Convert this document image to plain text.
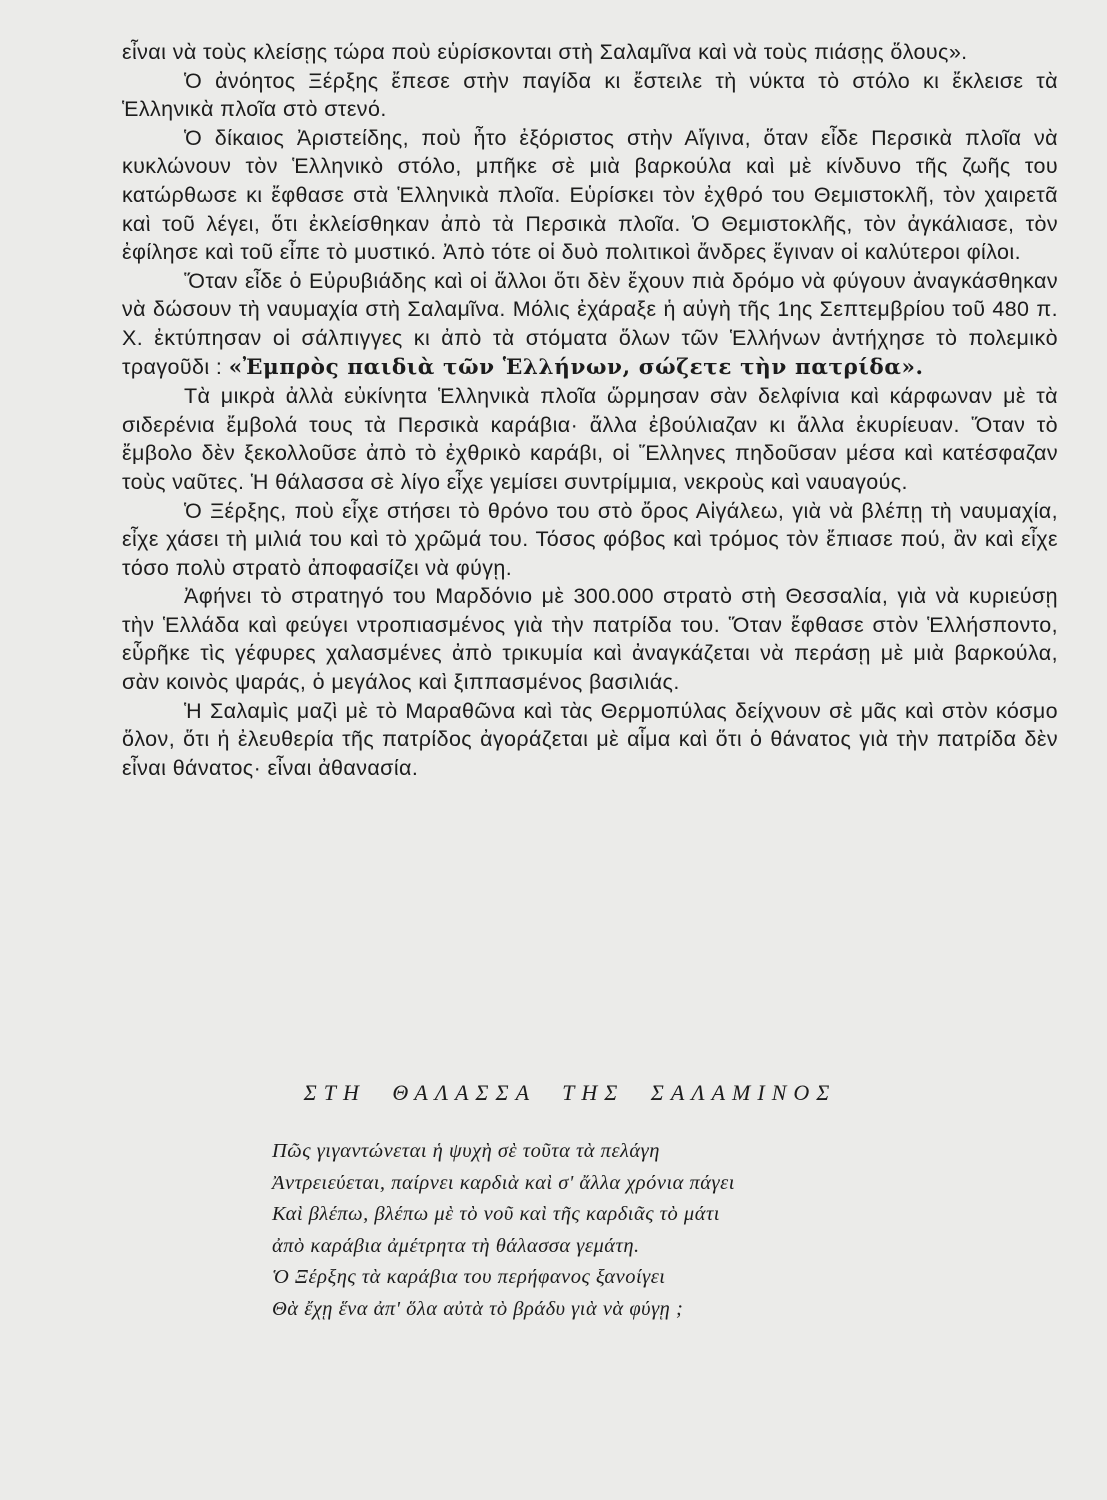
εἶναι νὰ τοὺς κλείσῃς τώρα ποὺ εὑρίσκονται στὴ Σαλαμῖνα καὶ νὰ τοὺς πιάσῃς ὅλους».

Ὁ ἀνόητος Ξέρξης ἔπεσε στὴν παγίδα κι ἔστειλε τὴ νύκτα τὸ στόλο κι ἔκλεισε τὰ Ἑλληνικὰ πλοῖα στὸ στενό.

Ὁ δίκαιος Ἀριστείδης, ποὺ ἦτο ἐξόριστος στὴν Αἴγινα, ὅταν εἶδε Περσικὰ πλοῖα νὰ κυκλώνουν τὸν Ἑλληνικὸ στόλο, μπῆκε σὲ μιὰ βαρκούλα καὶ μὲ κίνδυνο τῆς ζωῆς του κατώρθωσε κι ἔφθασε στὰ Ἑλληνικὰ πλοῖα. Εὑρίσκει τὸν ἐχθρό του Θεμιστοκλῆ, τὸν χαιρετᾶ καὶ τοῦ λέγει, ὅτι ἐκλείσθηκαν ἀπὸ τὰ Περσικὰ πλοῖα. Ὁ Θεμιστοκλῆς, τὸν ἀγκάλιασε, τὸν ἐφίλησε καὶ τοῦ εἶπε τὸ μυστικό. Ἀπὸ τότε οἱ δυὸ πολιτικοὶ ἄνδρες ἔγιναν οἱ καλύτεροι φίλοι.

Ὅταν εἶδε ὁ Εὐρυβιάδης καὶ οἱ ἄλλοι ὅτι δὲν ἔχουν πιὰ δρόμο νὰ φύγουν ἀναγκάσθηκαν νὰ δώσουν τὴ ναυμαχία στὴ Σαλαμῖνα. Μόλις ἐχάραξε ἡ αὐγὴ τῆς 1ης Σεπτεμβρίου τοῦ 480 π. Χ. ἐκτύπησαν οἱ σάλπιγγες κι ἀπὸ τὰ στόματα ὅλων τῶν Ἑλλήνων ἀντήχησε τὸ πολεμικὸ τραγοῦδι : «Ἐμπρὸς παιδιὰ τῶν Ἑλλήνων, σώζετε τὴν πατρίδα».

Τὰ μικρὰ ἀλλὰ εὐκίνητα Ἑλληνικὰ πλοῖα ὥρμησαν σὰν δελφίνια καὶ κάρφωναν μὲ τὰ σιδερένια ἔμβολά τους τὰ Περσικὰ καράβια· ἄλλα ἐβούλιαζαν κι ἄλλα ἐκυρίευαν. Ὅταν τὸ ἔμβολο δὲν ξεκολλοῦσε ἀπὸ τὸ ἐχθρικὸ καράβι, οἱ Ἕλληνες πηδοῦσαν μέσα καὶ κατέσφαζαν τοὺς ναῦτες. Ἡ θάλασσα σὲ λίγο εἶχε γεμίσει συντρίμμια, νεκροὺς καὶ ναυαγούς.

Ὁ Ξέρξης, ποὺ εἶχε στήσει τὸ θρόνο του στὸ ὄρος Αἰγάλεω, γιὰ νὰ βλέπῃ τὴ ναυμαχία, εἶχε χάσει τὴ μιλιά του καὶ τὸ χρῶμά του. Τόσος φόβος καὶ τρόμος τὸν ἔπιασε πού, ἂν καὶ εἶχε τόσο πολὺ στρατὸ ἀποφασίζει νὰ φύγῃ.

Ἀφήνει τὸ στρατηγό του Μαρδόνιο μὲ 300.000 στρατὸ στὴ Θεσσαλία, γιὰ νὰ κυριεύσῃ τὴν Ἑλλάδα καὶ φεύγει ντροπιασμένος γιὰ τὴν πατρίδα του. Ὅταν ἔφθασε στὸν Ἑλλήσποντο, εὗρῆκε τὶς γέφυρες χαλασμένες ἀπὸ τρικυμία καὶ ἀναγκάζεται νὰ περάσῃ μὲ μιὰ βαρκούλα, σὰν κοινὸς ψαράς, ὁ μεγάλος καὶ ξιππασμένος βασιλιάς.

Ἡ Σαλαμὶς μαζὶ μὲ τὸ Μαραθῶνα καὶ τὰς Θερμοπύλας δείχνουν σὲ μᾶς καὶ στὸν κόσμο ὅλον, ὅτι ἡ ἐλευθερία τῆς πατρίδος ἀγοράζεται μὲ αἷμα καὶ ὅτι ὁ θάνατος γιὰ τὴν πατρίδα δὲν εἶναι θάνατος· εἶναι ἀθανασία.

ΣΤΗ ΘΑΛΑΣΣΑ ΤΗΣ ΣΑΛΑΜΙΝΟΣ
Πῶς γιγαντώνεται ἡ ψυχὴ σὲ τοῦτα τὰ πελάγη
Ἀντρειεύεται, παίρνει καρδιὰ καὶ σ' ἄλλα χρόνια πάγει
Καὶ βλέπω, βλέπω μὲ τὸ νοῦ καὶ τῆς καρδιᾶς τὸ μάτι
ἀπὸ καράβια ἀμέτρητα τὴ θάλασσα γεμάτη.
Ὁ Ξέρξης τὰ καράβια του περήφανος ξανοίγει
Θὰ ἔχῃ ἕνα ἀπ' ὅλα αὐτὰ τὸ βράδυ γιὰ νὰ φύγῃ ;
